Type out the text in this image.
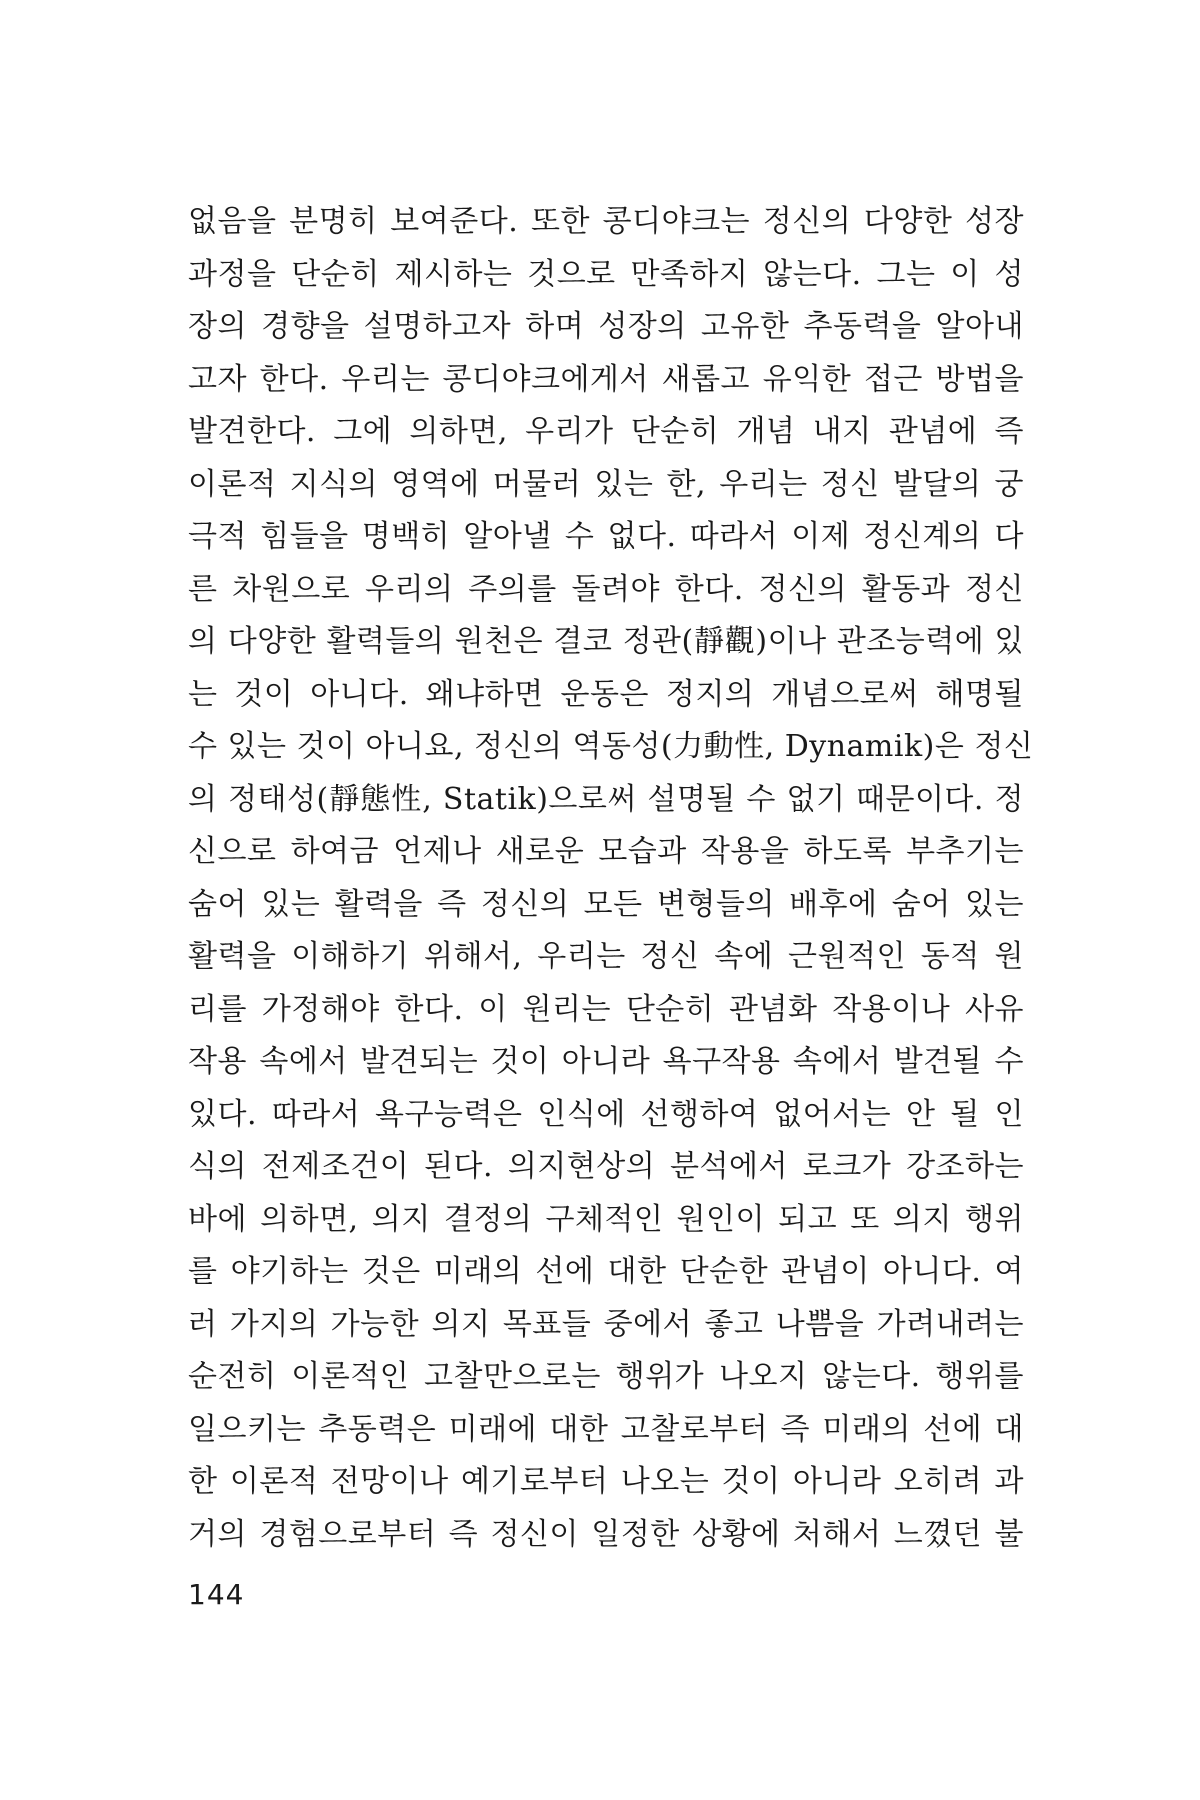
없음을 분명히 보여준다. 또한 콩디야크는 정신의 다양한 성장
과정을 단순히 제시하는 것으로 만족하지 않는다. 그는 이 성
장의 경향을 설명하고자 하며 성장의 고유한 추동력을 알아내
고자 한다. 우리는 콩디야크에게서 새롭고 유익한 접근 방법을
발견한다. 그에 의하면, 우리가 단순히 개념 내지 관념에 즉
이론적 지식의 영역에 머물러 있는 한, 우리는 정신 발달의 궁
극적 힘들을 명백히 알아낼 수 없다. 따라서 이제 정신계의 다
른 차원으로 우리의 주의를 돌려야 한다. 정신의 활동과 정신
의 다양한 활력들의 원천은 결코 정관(靜觀)이나 관조능력에 있
는 것이 아니다. 왜냐하면 운동은 정지의 개념으로써 해명될
수 있는 것이 아니요, 정신의 역동성(力動性, Dynamik)은 정신
의 정태성(靜態性, Statik)으로써 설명될 수 없기 때문이다. 정
신으로 하여금 언제나 새로운 모습과 작용을 하도록 부추기는
숨어 있는 활력을 즉 정신의 모든 변형들의 배후에 숨어 있는
활력을 이해하기 위해서, 우리는 정신 속에 근원적인 동적 원
리를 가정해야 한다. 이 원리는 단순히 관념화 작용이나 사유
작용 속에서 발견되는 것이 아니라 욕구작용 속에서 발견될 수
있다. 따라서 욕구능력은 인식에 선행하여 없어서는 안 될 인
식의 전제조건이 된다. 의지현상의 분석에서 로크가 강조하는
바에 의하면, 의지 결정의 구체적인 원인이 되고 또 의지 행위
를 야기하는 것은 미래의 선에 대한 단순한 관념이 아니다. 여
러 가지의 가능한 의지 목표들 중에서 좋고 나쁨을 가려내려는
순전히 이론적인 고찰만으로는 행위가 나오지 않는다. 행위를
일으키는 추동력은 미래에 대한 고찰로부터 즉 미래의 선에 대
한 이론적 전망이나 예기로부터 나오는 것이 아니라 오히려 과
거의 경험으로부터 즉 정신이 일정한 상황에 처해서 느꼈던 불
144
